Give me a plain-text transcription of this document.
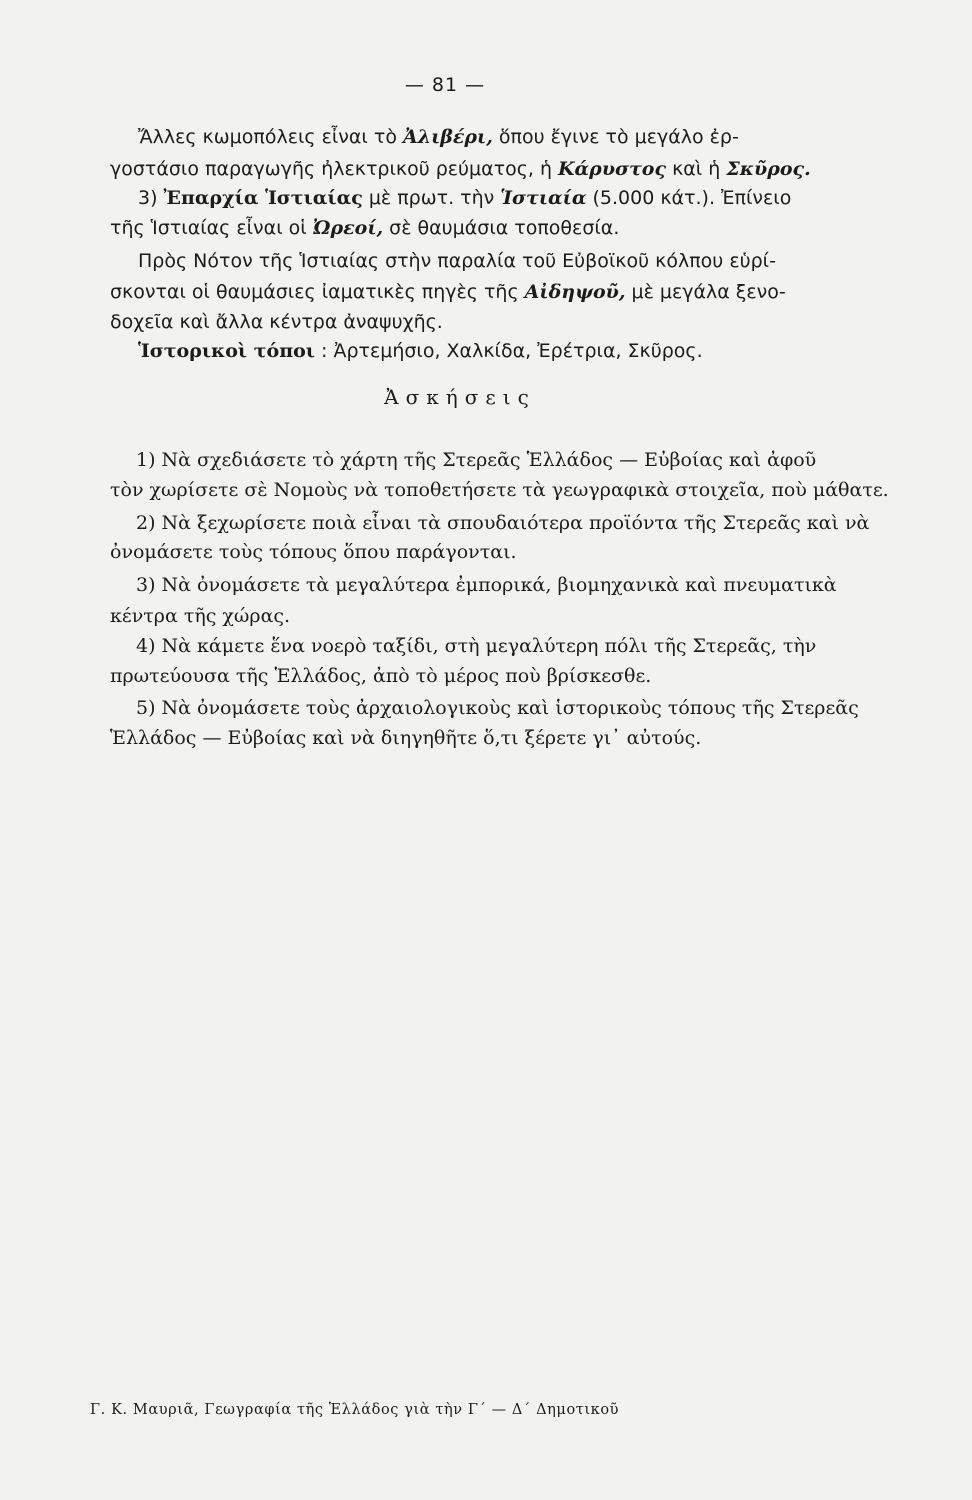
— 81 —
Ἄλλες κωμοπόλεις εἶναι τὸ Ἀλιβέρι, ὅπου ἔγινε τὸ μεγάλο ἐρ-
γοστάσιο παραγωγῆς ἠλεκτρικοῦ ρεύματος, ἡ Κάρυστος καὶ ἡ Σκῦρος.
3) Ἐπαρχία Ἱστιαίας μὲ πρωτ. τὴν Ἱστιαία (5.000 κάτ.). Ἐπίνειο
τῆς Ἱστιαίας εἶναι οἱ Ὠρεοί, σὲ θαυμάσια τοποθεσία.
Πρὸς Νότον τῆς Ἱστιαίας στὴν παραλία τοῦ Εὐβοϊκοῦ κόλπου εὑρί-
σκονται οἱ θαυμάσιες ἰαματικὲς πηγὲς τῆς Αἰδηψοῦ, μὲ μεγάλα ξενο-
δοχεῖα καὶ ἄλλα κέντρα ἀναψυχῆς.
Ἱστορικοὶ τόποι : Ἀρτεμήσιο, Χαλκίδα, Ἐρέτρια, Σκῦρος.
Ἀσκήσεις
1) Νὰ σχεδιάσετε τὸ χάρτη τῆς Στερεᾶς Ἑλλάδος — Εὐβοίας καὶ ἀφοῦ
τὸν χωρίσετε σὲ Νομοὺς νὰ τοποθετήσετε τὰ γεωγραφικὰ στοιχεῖα, ποὺ μάθατε.
2) Νὰ ξεχωρίσετε ποιὰ εἶναι τὰ σπουδαιότερα προϊόντα τῆς Στερεᾶς καὶ νὰ
ὀνομάσετε τοὺς τόπους ὅπου παράγονται.
3) Νὰ ὀνομάσετε τὰ μεγαλύτερα ἐμπορικά, βιομηχανικὰ καὶ πνευματικὰ
κέντρα τῆς χώρας.
4) Νὰ κάμετε ἕνα νοερὸ ταξίδι, στὴ μεγαλύτερη πόλι τῆς Στερεᾶς, τὴν
πρωτεύουσα τῆς Ἑλλάδος, ἀπὸ τὸ μέρος ποὺ βρίσκεσθε.
5) Νὰ ὀνομάσετε τοὺς ἀρχαιολογικοὺς καὶ ἱστορικοὺς τόπους τῆς Στερεᾶς
Ἑλλάδος — Εὐβοίας καὶ νὰ διηγηθῆτε ὅ,τι ξέρετε γι᾽ αὐτούς.
Γ. Κ. Μαυριᾶ, Γεωγραφία τῆς Ἑλλάδος γιὰ τὴν Γ΄ — Δ΄ Δημοτικοῦ
